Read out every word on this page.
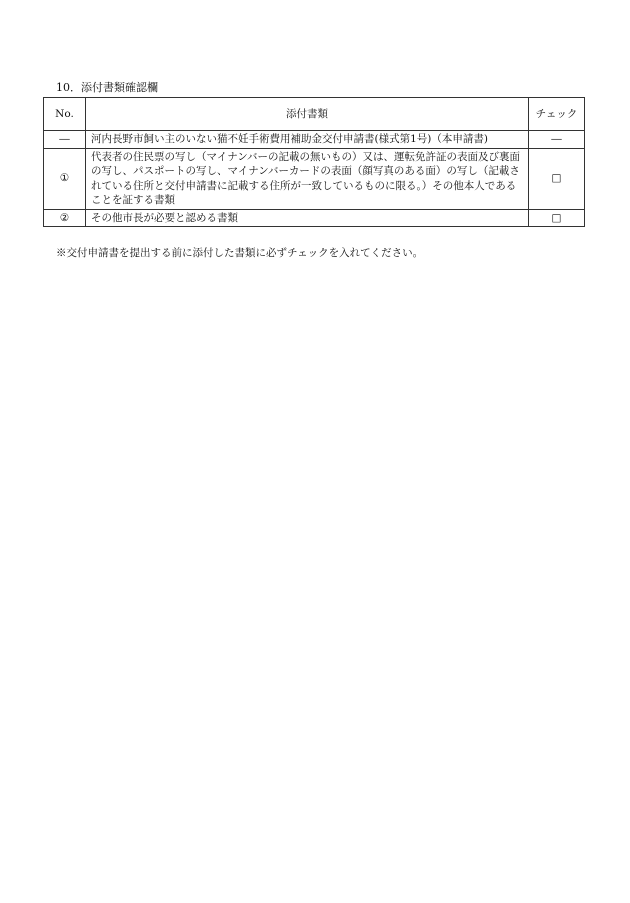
10．添付書類確認欄
No.	添付書類	チェック
―	河内長野市飼い主のいない猫不妊手術費用補助金交付申請書(様式第1号)（本申請書)	―
①	代表者の住民票の写し（マイナンバーの記載の無いもの）又は、運転免許証の表面及び裏面の写し、パスポートの写し、マイナンバーカードの表面（顔写真のある面）の写し（記載されている住所と交付申請書に記載する住所が一致しているものに限る。）その他本人であることを証する書類	□
②	その他市長が必要と認める書類	□
※交付申請書を提出する前に添付した書類に必ずチェックを入れてください。
